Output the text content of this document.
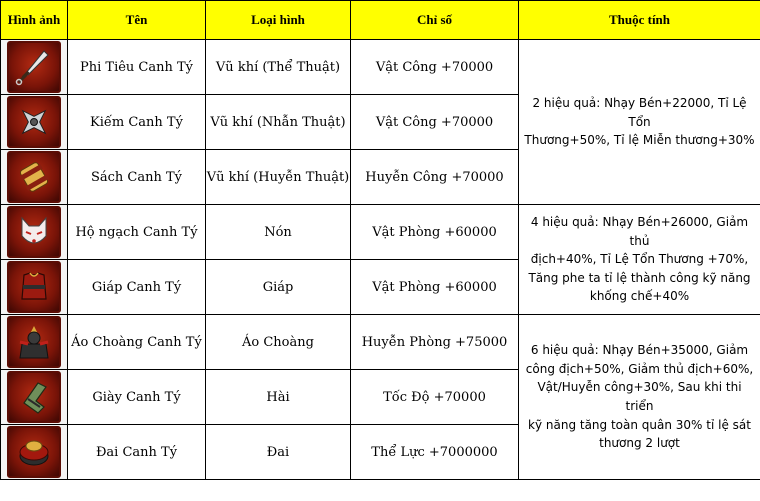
Hình ảnh	Tên	Loại hình	Chỉ số	Thuộc tính

	Phi Tiêu Canh Tý	Vũ khí (Thể Thuật)	Vật Công +70000	2 hiệu quả: Nhạy Bén+22000, Tỉ Lệ Tổn
Thương+50%, Tỉ lệ Miễn thương+30%

	Kiếm Canh Tý	Vũ khí (Nhẫn Thuật)	Vật Công +70000	

	Sách Canh Tý	Vũ khí (Huyễn Thuật)	Huyễn Công +70000	

	Hộ ngạch Canh Tý	Nón	Vật Phòng +60000	4 hiệu quả: Nhạy Bén+26000, Giảm thủ
địch+40%, Tỉ Lệ Tổn Thương +70%,
Tăng phe ta tỉ lệ thành công kỹ năng
khống chế+40%

	Giáp Canh Tý	Giáp	Vật Phòng +60000	

	Áo Choàng Canh Tý	Áo Choàng	Huyễn Phòng +75000	6 hiệu quả: Nhạy Bén+35000, Giảm
công địch+50%, Giảm thủ địch+60%,
Vật/Huyễn công+30%, Sau khi thi triển
kỹ năng tăng toàn quân 30% tỉ lệ sát
thương 2 lượt

	Giày Canh Tý	Hài	Tốc Độ +70000	

	Đai Canh Tý	Đai	Thể Lực +7000000	
